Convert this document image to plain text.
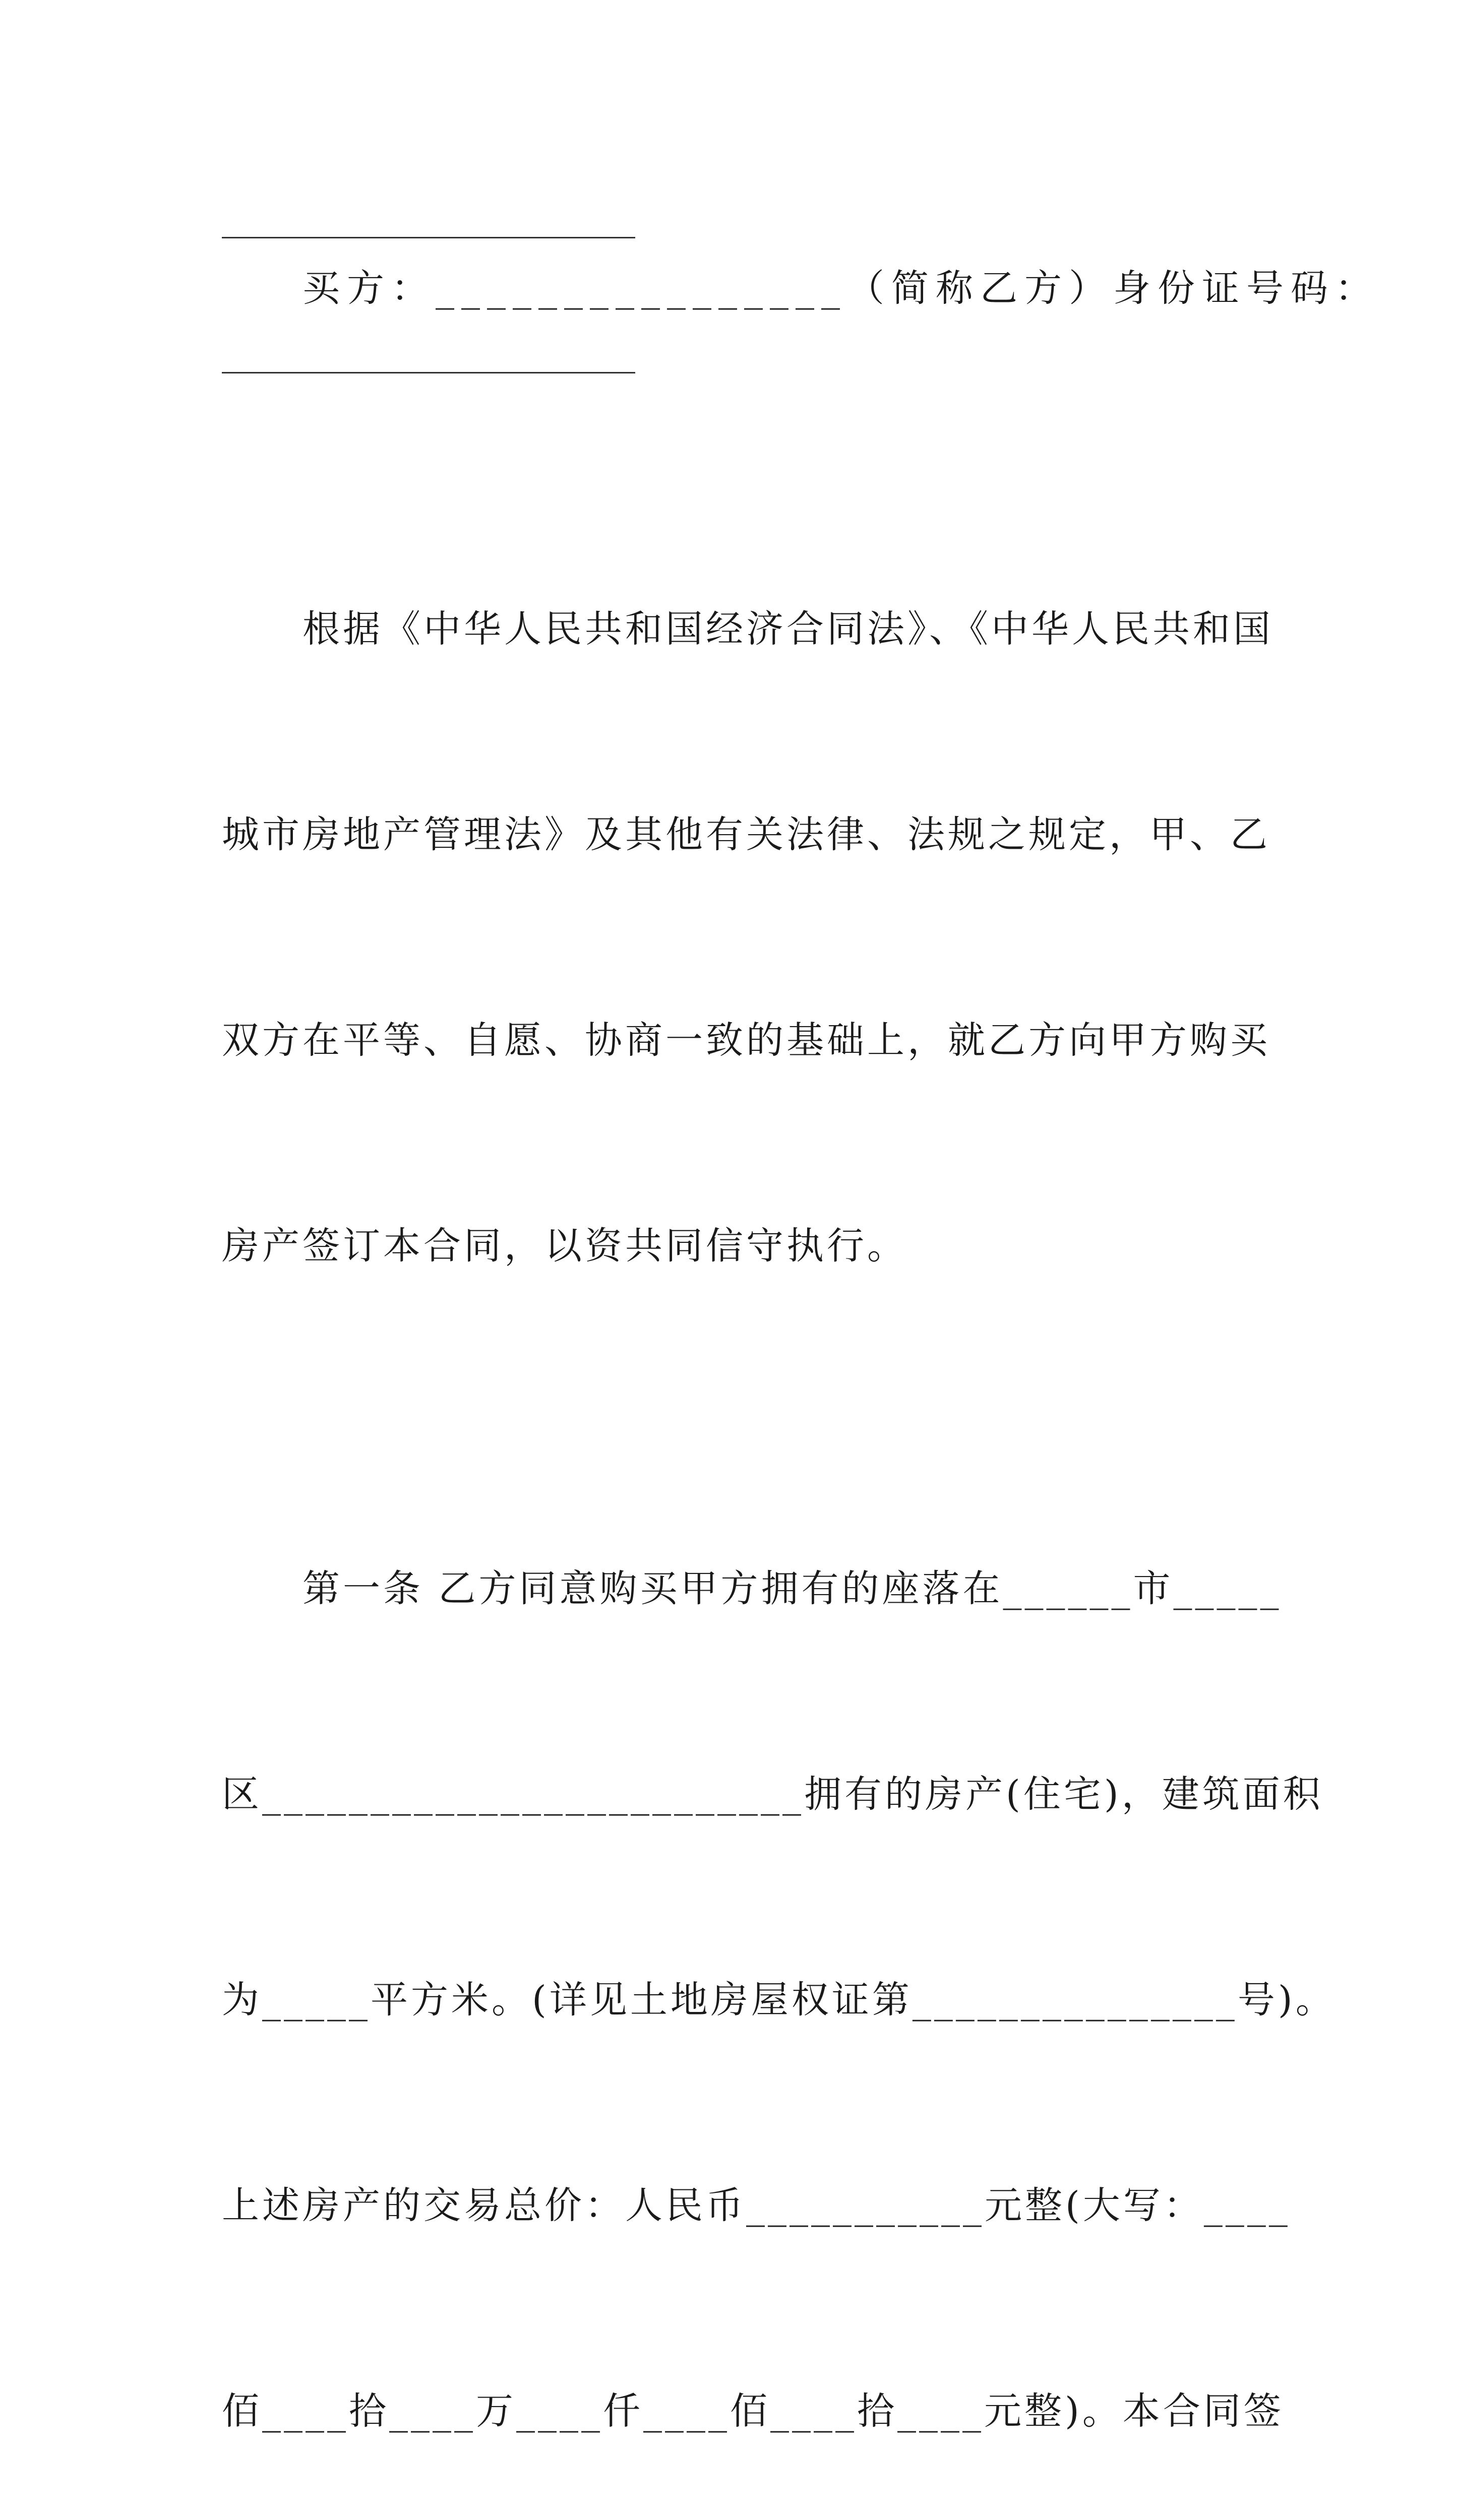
买方：________________（简称乙方）身份证号码：

根据《中华人民共和国经济合同法》、《中华人民共和国

城市房地产管理法》及其他有关法律、法规之规定，甲、乙

双方在平等、自愿、协商一致的基础上，就乙方向甲方购买

房产签订本合同，以资共同信守执行。

第一条 乙方同意购买甲方拥有的座落在______市_____

区_________________________拥有的房产(住宅)，建筑面积

为_____平方米。(详见土地房屋权证第_______________号)。

上述房产的交易总价：人民币___________元整(大写：____

佰____拾____万____仟____佰____拾____元整)。本合同签
